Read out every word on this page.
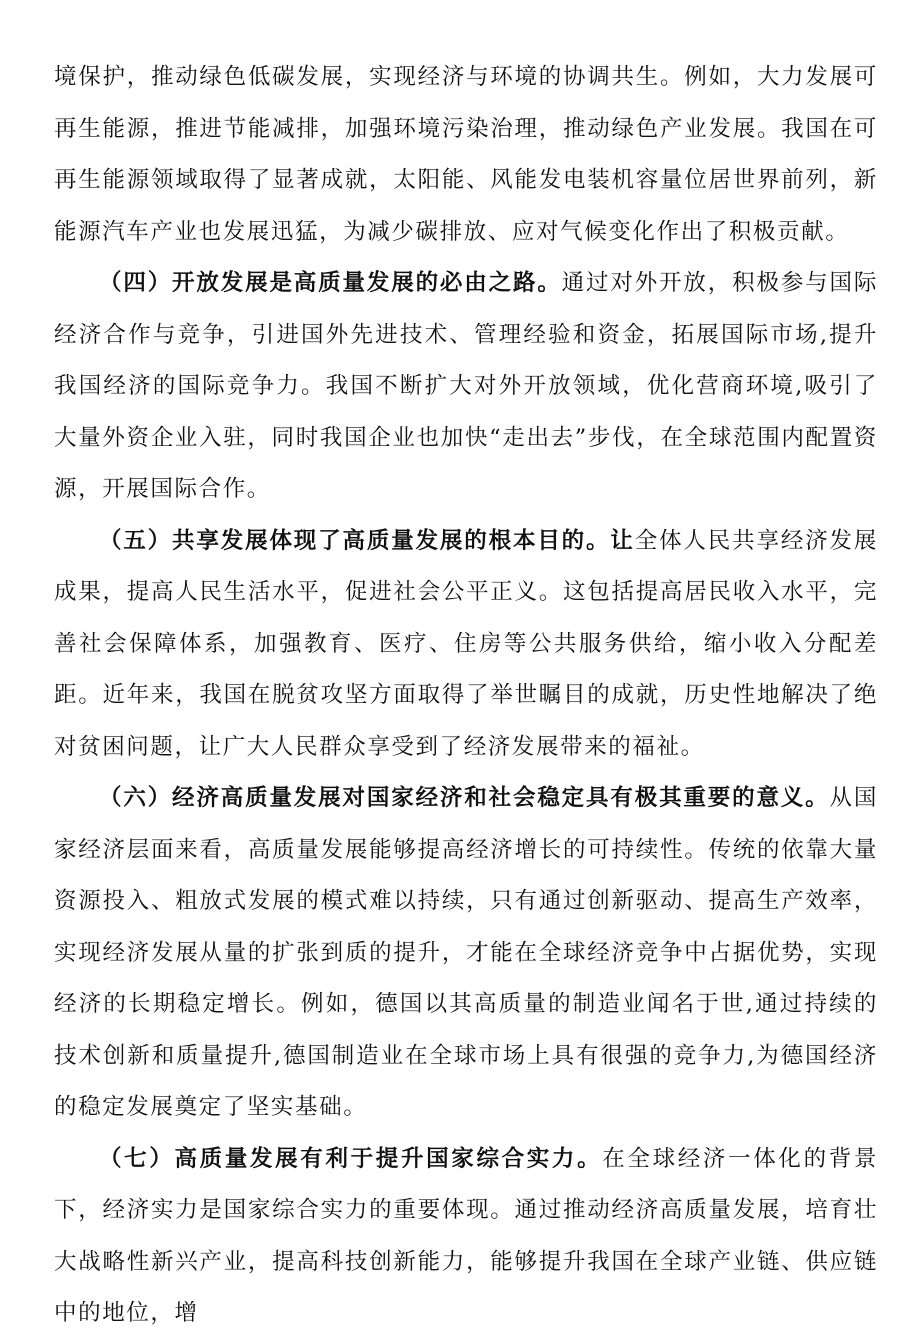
境保护，推动绿色低碳发展，实现经济与环境的协调共生。例如，大力发展可再生能源，推进节能减排，加强环境污染治理，推动绿色产业发展。我国在可再生能源领域取得了显著成就，太阳能、风能发电装机容量位居世界前列，新能源汽车产业也发展迅猛，为减少碳排放、应对气候变化作出了积极贡献。

（四）开放发展是高质量发展的必由之路。通过对外开放，积极参与国际经济合作与竞争，引进国外先进技术、管理经验和资金，拓展国际市场,提升我国经济的国际竞争力。我国不断扩大对外开放领域，优化营商环境,吸引了大量外资企业入驻，同时我国企业也加快“走出去”步伐，在全球范围内配置资源，开展国际合作。

（五）共享发展体现了高质量发展的根本目的。让全体人民共享经济发展成果，提高人民生活水平，促进社会公平正义。这包括提高居民收入水平，完善社会保障体系，加强教育、医疗、住房等公共服务供给，缩小收入分配差距。近年来，我国在脱贫攻坚方面取得了举世瞩目的成就，历史性地解决了绝对贫困问题，让广大人民群众享受到了经济发展带来的福祉。

（六）经济高质量发展对国家经济和社会稳定具有极其重要的意义。从国家经济层面来看，高质量发展能够提高经济增长的可持续性。传统的依靠大量资源投入、粗放式发展的模式难以持续，只有通过创新驱动、提高生产效率，实现经济发展从量的扩张到质的提升，才能在全球经济竞争中占据优势，实现经济的长期稳定增长。例如，德国以其高质量的制造业闻名于世,通过持续的技术创新和质量提升,德国制造业在全球市场上具有很强的竞争力,为德国经济的稳定发展奠定了坚实基础。

（七）高质量发展有利于提升国家综合实力。在全球经济一体化的背景下，经济实力是国家综合实力的重要体现。通过推动经济高质量发展，培育壮大战略性新兴产业，提高科技创新能力，能够提升我国在全球产业链、供应链中的地位，增
